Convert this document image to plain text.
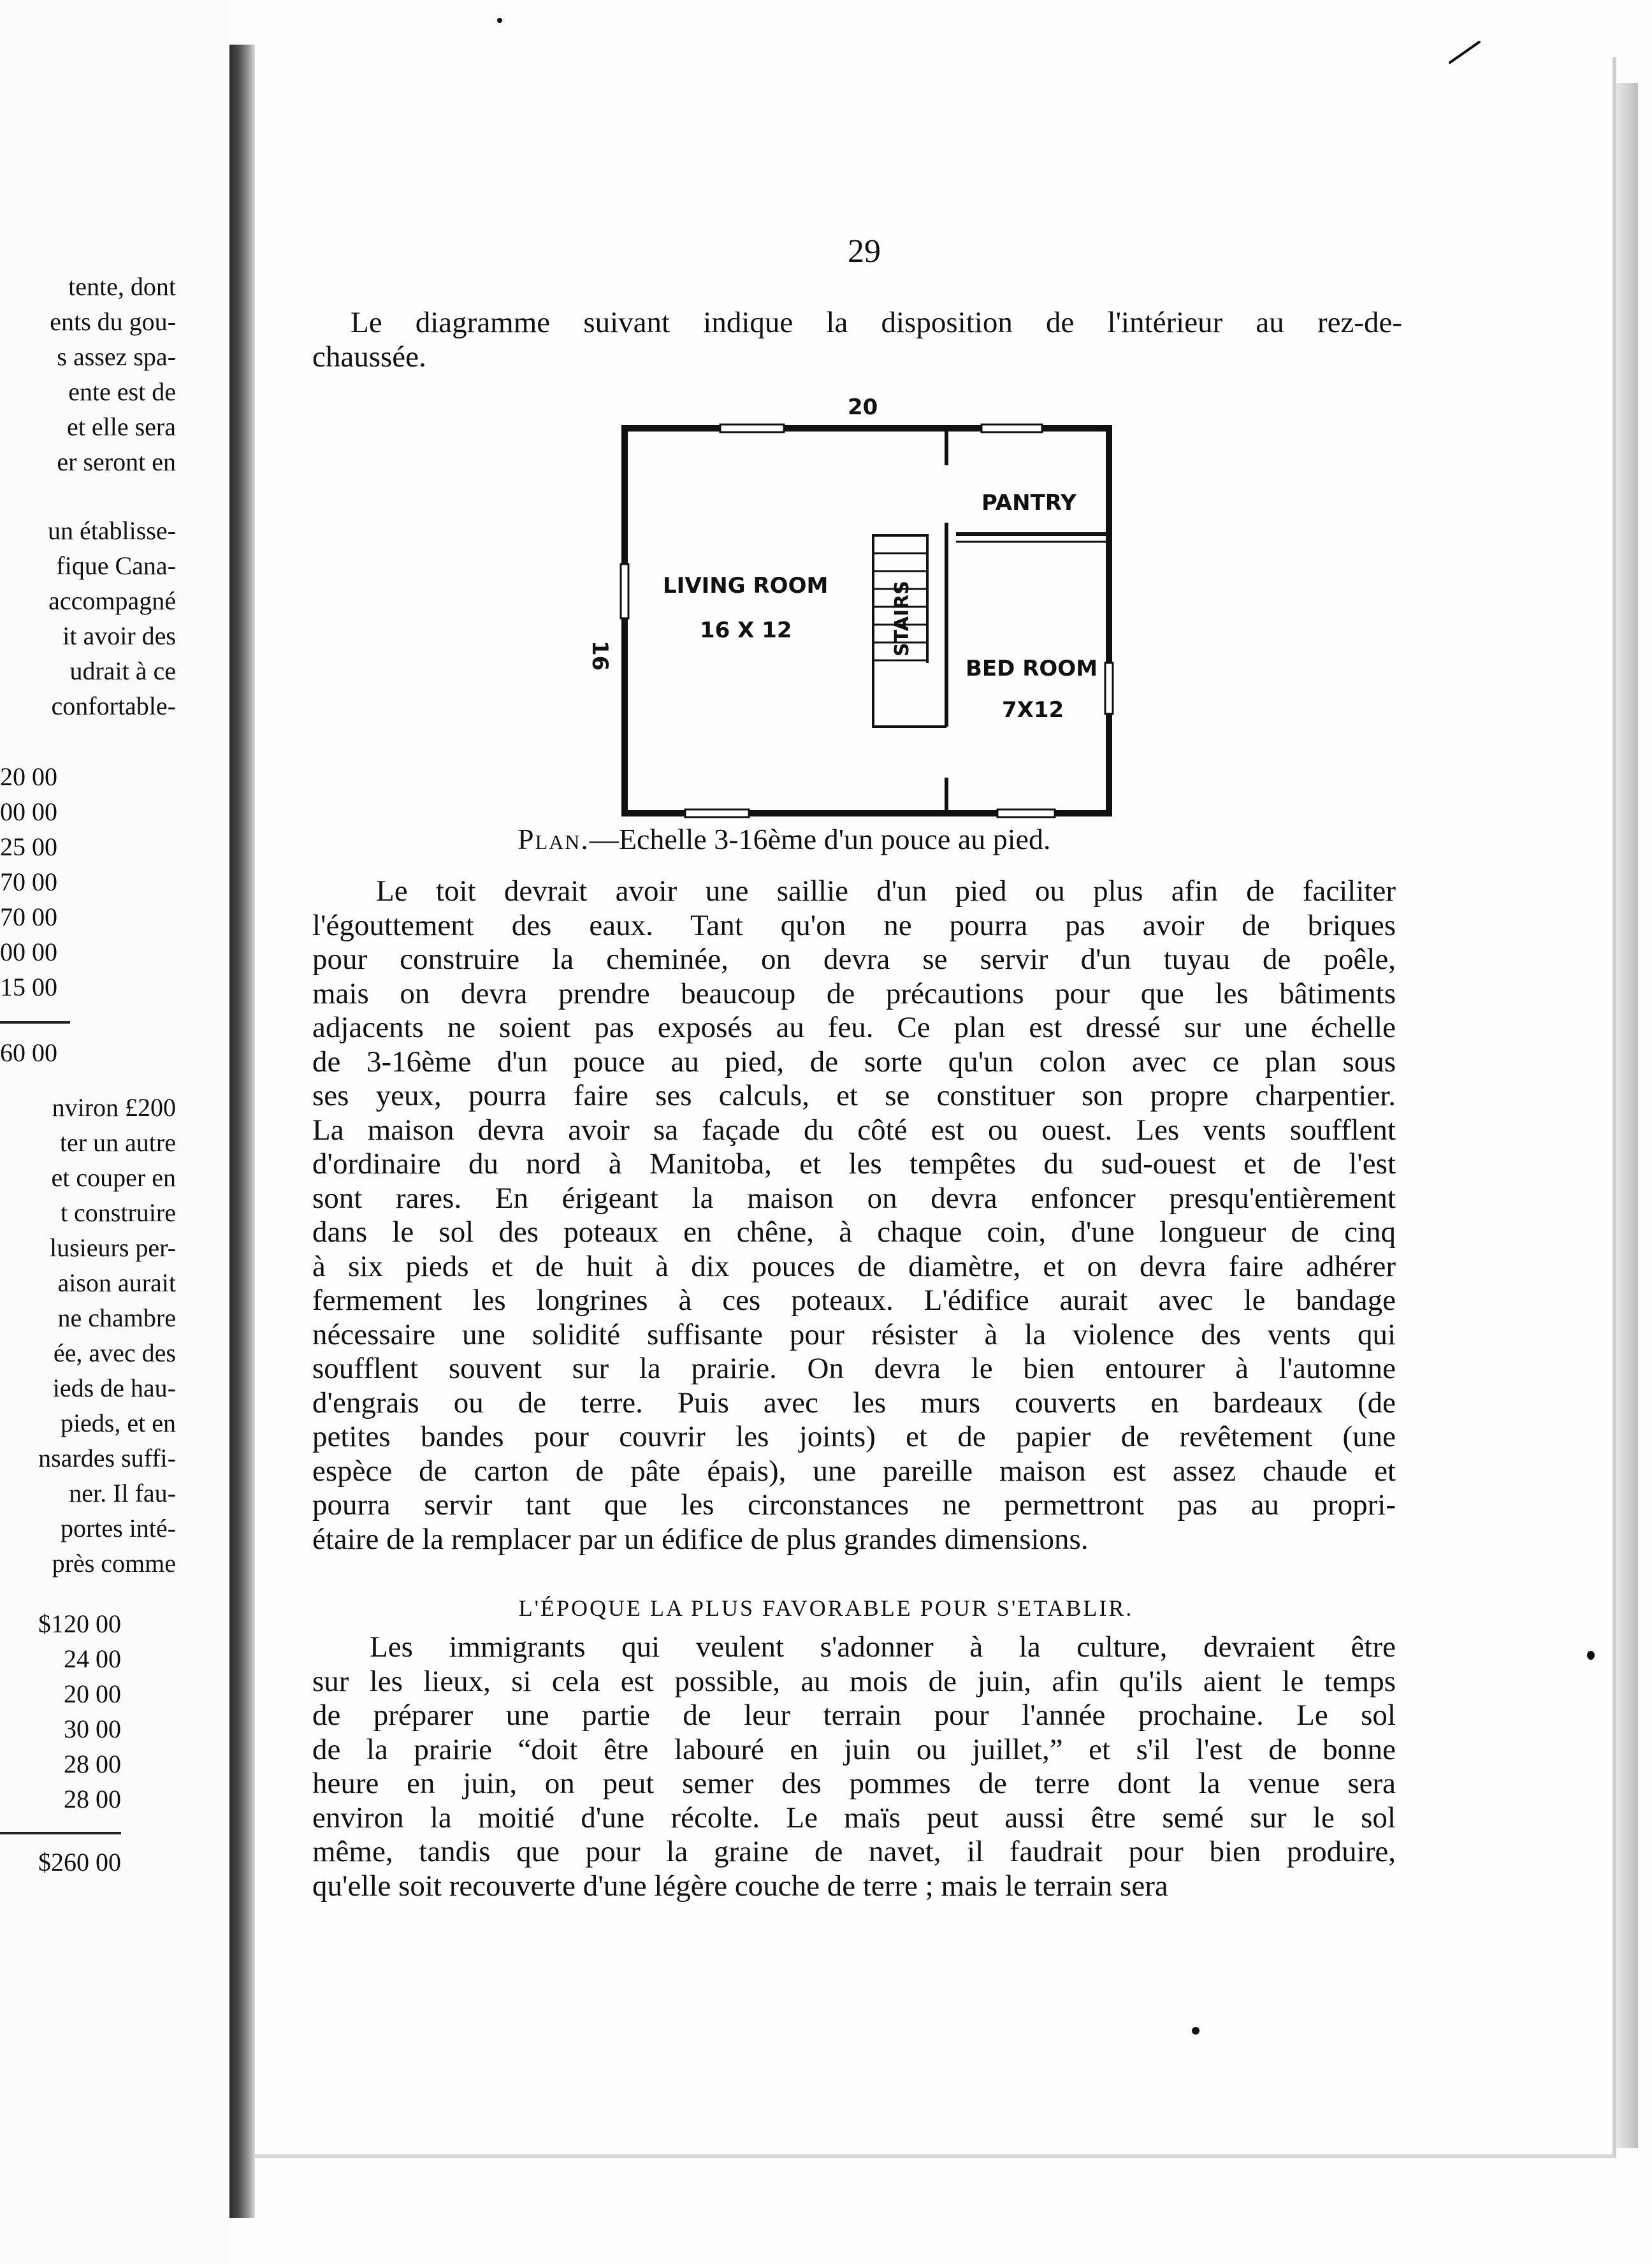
tente, dont
ents du gou-
s assez spa-
ente est de
et elle sera
er seront en
un établisse-
fique Cana-
accompagné
it avoir des
udrait à ce
confortable-
20 00
00 00
25 00
70 00
70 00
00 00
15 00
60 00
nviron £200
ter un autre
et couper en
t construire
lusieurs per-
aison aurait
ne chambre
ée, avec des
ieds de hau-
pieds, et en
nsardes suffi-
ner. Il fau-
portes inté-
près comme
$120 00
24 00
20 00
30 00
28 00
28 00
$260 00
29
Le diagramme suivant indique la disposition de l'intérieur au rez-de-
chaussée.
20
16
LIVING ROOM
16 X 12
PANTRY
STAIRS
BED ROOM
7X12
Plan.—Echelle 3-16ème d'un pouce au pied.
Le toit devrait avoir une saillie d'un pied ou plus afin de faciliter
l'égouttement des eaux. Tant qu'on ne pourra pas avoir de briques
pour construire la cheminée, on devra se servir d'un tuyau de poêle,
mais on devra prendre beaucoup de précautions pour que les bâtiments
adjacents ne soient pas exposés au feu. Ce plan est dressé sur une échelle
de 3-16ème d'un pouce au pied, de sorte qu'un colon avec ce plan sous
ses yeux, pourra faire ses calculs, et se constituer son propre charpentier.
La maison devra avoir sa façade du côté est ou ouest. Les vents soufflent
d'ordinaire du nord à Manitoba, et les tempêtes du sud-ouest et de l'est
sont rares. En érigeant la maison on devra enfoncer presqu'entièrement
dans le sol des poteaux en chêne, à chaque coin, d'une longueur de cinq
à six pieds et de huit à dix pouces de diamètre, et on devra faire adhérer
fermement les longrines à ces poteaux. L'édifice aurait avec le bandage
nécessaire une solidité suffisante pour résister à la violence des vents qui
soufflent souvent sur la prairie. On devra le bien entourer à l'automne
d'engrais ou de terre. Puis avec les murs couverts en bardeaux (de
petites bandes pour couvrir les joints) et de papier de revêtement (une
espèce de carton de pâte épais), une pareille maison est assez chaude et
pourra servir tant que les circonstances ne permettront pas au propri-
étaire de la remplacer par un édifice de plus grandes dimensions.
L'ÉPOQUE LA PLUS FAVORABLE POUR S'ETABLIR.
Les immigrants qui veulent s'adonner à la culture, devraient être
sur les lieux, si cela est possible, au mois de juin, afin qu'ils aient le temps
de préparer une partie de leur terrain pour l'année prochaine. Le sol
de la prairie “doit être labouré en juin ou juillet,” et s'il l'est de bonne
heure en juin, on peut semer des pommes de terre dont la venue sera
environ la moitié d'une récolte. Le maïs peut aussi être semé sur le sol
même, tandis que pour la graine de navet, il faudrait pour bien produire,
qu'elle soit recouverte d'une légère couche de terre ; mais le terrain sera
